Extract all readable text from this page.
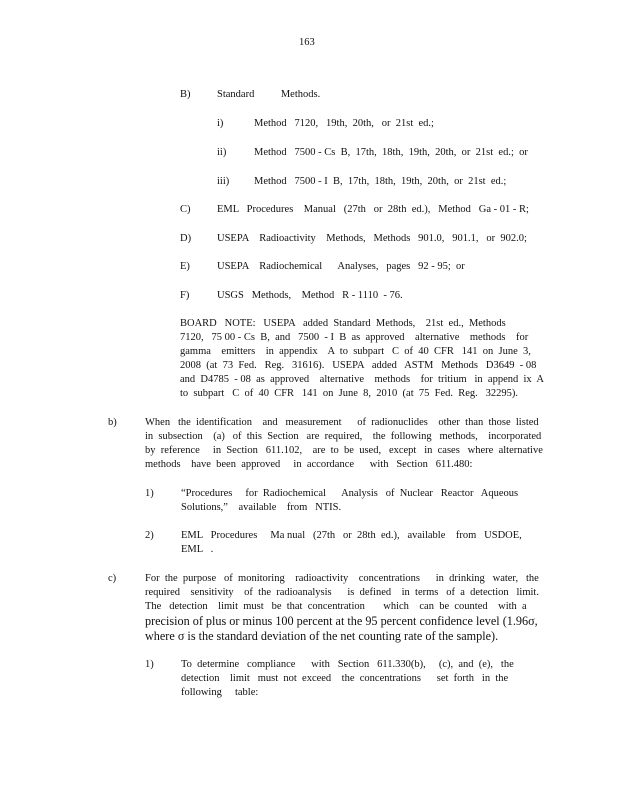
163
B)	Standard    Methods.
i)	Method   7120,   19th,  20th,   or  21st  ed.;
ii)	Method   7500 - Cs  B,  17th,  18th,  19th,  20th,  or  21st  ed.;  or
iii) Method   7500 - I  B,  17th,  18th,  19th,  20th,  or  21st  ed.;
C)	EML   Procedures    Manual   (27th   or  28th  ed.),   Method   Ga - 01 - R;
D) USEPA    Radioactivity    Methods,   Methods   901.0,   901.1,   or  902.0;
E)	USEPA    Radiochemical      Analyses,   pages   92 - 95;  or
F)	USGS   Methods,    Method   R - 1110  - 76.
BOARD   NOTE:   USEPA   added  Standard  Methods,    21st  ed.,  Methods
7120,   75 00 - Cs  B,  and   7500  - I  B  as  approved    alternative    methods    for
gamma    emitters    in  appendix    A  to  subpart   C  of  40  CFR   141  on  June  3,
2008  (at  73  Fed.   Reg.   31616).   USEPA   added   ASTM   Methods   D3649  - 08
and  D4785  - 08  as  approved    alternative    methods    for  tritium   in  append  ix  A
to  subpart   C  of  40  CFR   141  on  June  8,  2010  (at  75  Fed.  Reg.   32295).
b)	When   the  identification    and   measurement      of  radionuclides    other  than  those  listed
in  subsection    (a)   of  this  Section   are  required,    the  following   methods,    incorporated
by  reference     in  Section   611.102,    are  to  be  used,   except   in  cases   where  alternative
methods    have  been  approved     in  accordance      with   Section   611.480:
1)	“Procedures     for  Radiochemical      Analysis   of  Nuclear   Reactor   Aqueous
Solutions,”    available    from   NTIS.
2)	EML   Procedures     Ma nual   (27th   or  28th  ed.),   available    from   USDOE,
EML   .
c)	For  the  purpose   of  monitoring    radioactivity    concentrations      in  drinking   water,   the
required    sensitivity    of  the  radioanalysis      is  defined    in  terms   of  a  detection   limit.
The   detection    limit  must   be  that  concentration       which    can  be  counted    with  a
precision of plus or minus 100 percent at the 95 percent confidence level (1.96σ,
where σ is the standard deviation of the net counting rate of the sample).
1)	To  determine   compliance      with   Section   611.330(b),     (c),  and  (e),   the
detection    limit   must  not  exceed    the  concentrations      set  forth   in  the
following     table:
